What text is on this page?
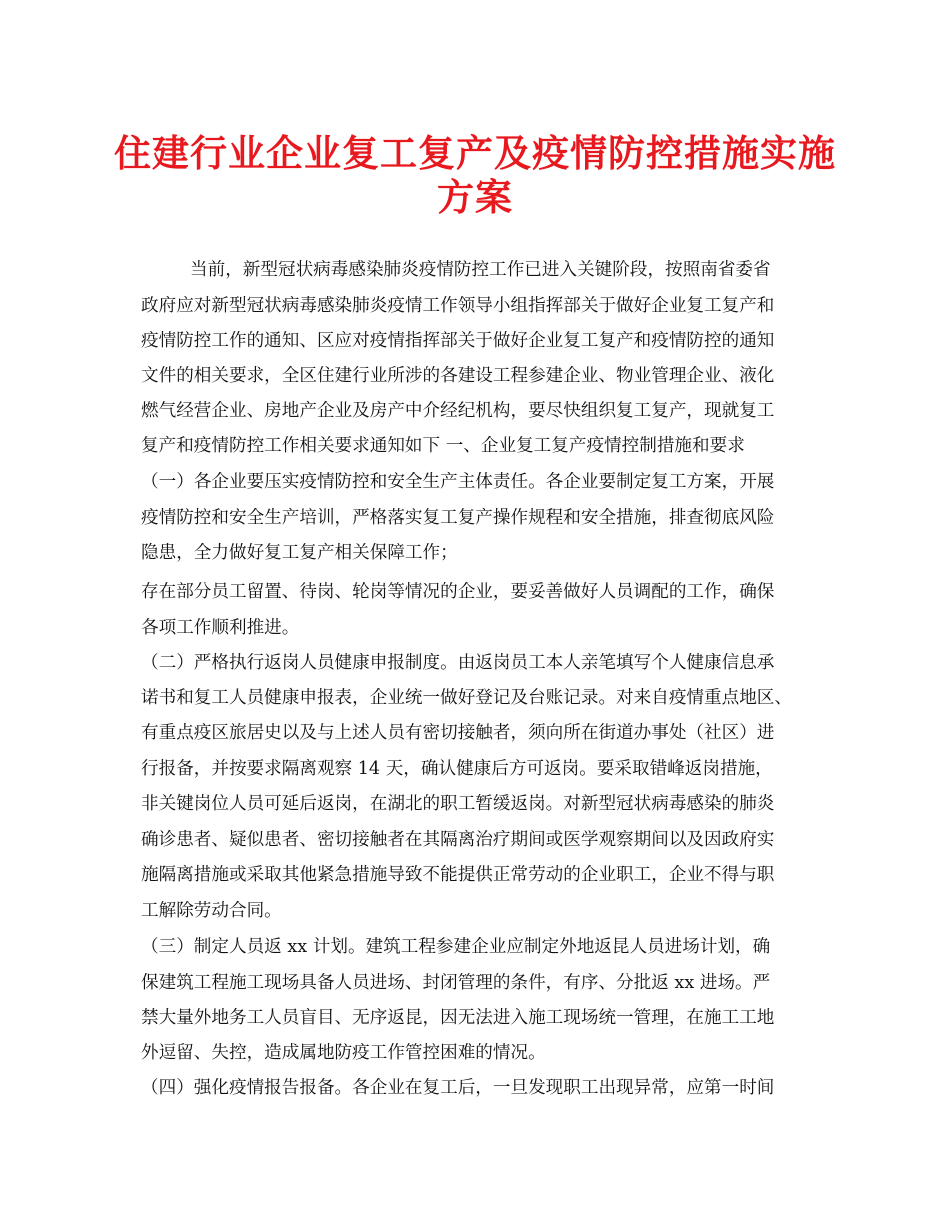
住建行业企业复工复产及疫情防控措施实施
方案
当前，新型冠状病毒感染肺炎疫情防控工作已进入关键阶段，按照南省委省
政府应对新型冠状病毒感染肺炎疫情工作领导小组指挥部关于做好企业复工复产和
疫情防控工作的通知、区应对疫情指挥部关于做好企业复工复产和疫情防控的通知
文件的相关要求，全区住建行业所涉的各建设工程参建企业、物业管理企业、液化
燃气经营企业、房地产企业及房产中介经纪机构，要尽快组织复工复产，现就复工
复产和疫情防控工作相关要求通知如下 一、企业复工复产疫情控制措施和要求
（一）各企业要压实疫情防控和安全生产主体责任。各企业要制定复工方案，开展
疫情防控和安全生产培训，严格落实复工复产操作规程和安全措施，排查彻底风险
隐患，全力做好复工复产相关保障工作；
存在部分员工留置、待岗、轮岗等情况的企业，要妥善做好人员调配的工作，确保
各项工作顺利推进。
（二）严格执行返岗人员健康申报制度。由返岗员工本人亲笔填写个人健康信息承
诺书和复工人员健康申报表，企业统一做好登记及台账记录。对来自疫情重点地区、
有重点疫区旅居史以及与上述人员有密切接触者，须向所在街道办事处（社区）进
行报备，并按要求隔离观察 14 天，确认健康后方可返岗。要采取错峰返岗措施，
非关键岗位人员可延后返岗，在湖北的职工暂缓返岗。对新型冠状病毒感染的肺炎
确诊患者、疑似患者、密切接触者在其隔离治疗期间或医学观察期间以及因政府实
施隔离措施或采取其他紧急措施导致不能提供正常劳动的企业职工，企业不得与职
工解除劳动合同。
（三）制定人员返 xx 计划。建筑工程参建企业应制定外地返昆人员进场计划，确
保建筑工程施工现场具备人员进场、封闭管理的条件，有序、分批返 xx 进场。严
禁大量外地务工人员盲目、无序返昆，因无法进入施工现场统一管理，在施工工地
外逗留、失控，造成属地防疫工作管控困难的情况。
（四）强化疫情报告报备。各企业在复工后，一旦发现职工出现异常，应第一时间
